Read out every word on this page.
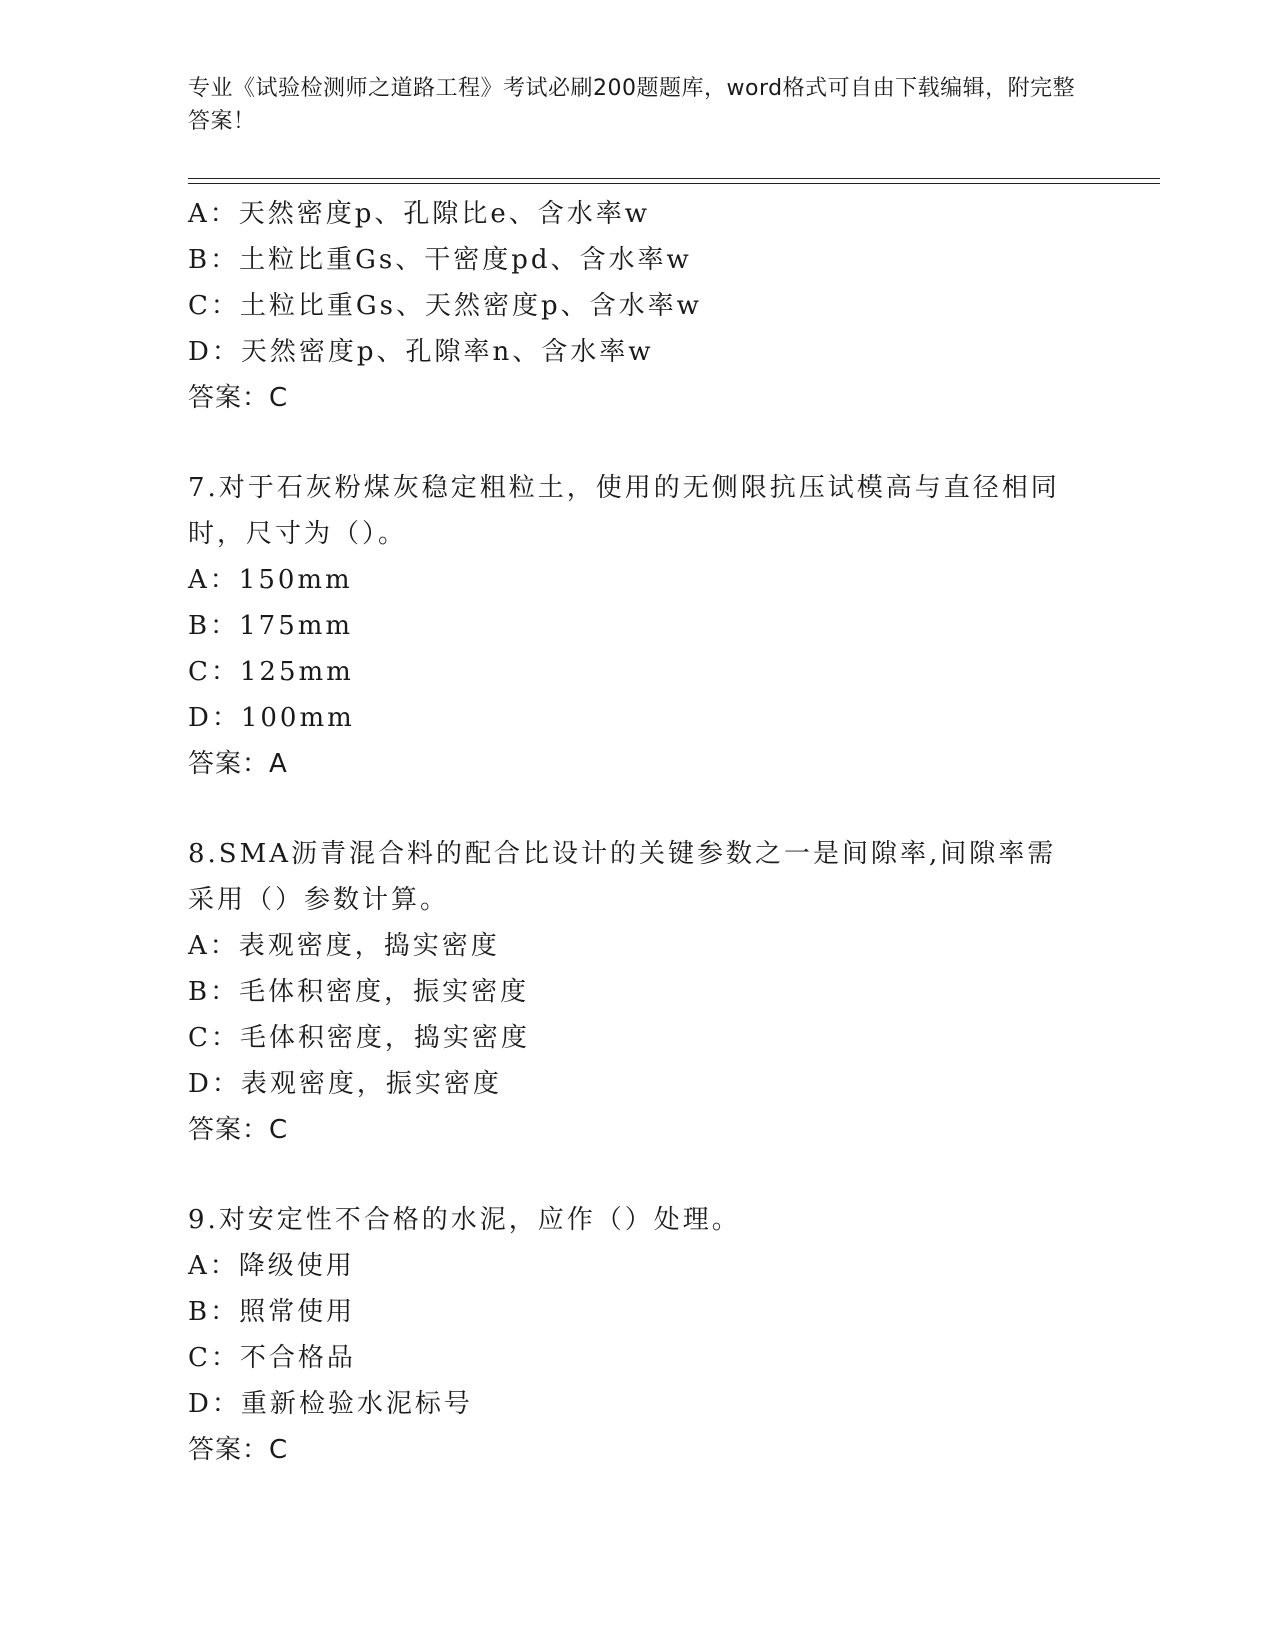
专业《试验检测师之道路工程》考试必刷200题题库，word格式可自由下载编辑，附完整答案！
A：天然密度p、孔隙比e、含水率w
B：土粒比重Gs、干密度pd、含水率w
C：土粒比重Gs、天然密度p、含水率w
D：天然密度p、孔隙率n、含水率w
答案：C
7.对于石灰粉煤灰稳定粗粒土，使用的无侧限抗压试模高与直径相同时，尺寸为（）。
A：150mm
B：175mm
C：125mm
D：100mm
答案：A
8.SMA沥青混合料的配合比设计的关键参数之一是间隙率,间隙率需采用（）参数计算。
A：表观密度，捣实密度
B：毛体积密度，振实密度
C：毛体积密度，捣实密度
D：表观密度，振实密度
答案：C
9.对安定性不合格的水泥，应作（）处理。
A：降级使用
B：照常使用
C：不合格品
D：重新检验水泥标号
答案：C
